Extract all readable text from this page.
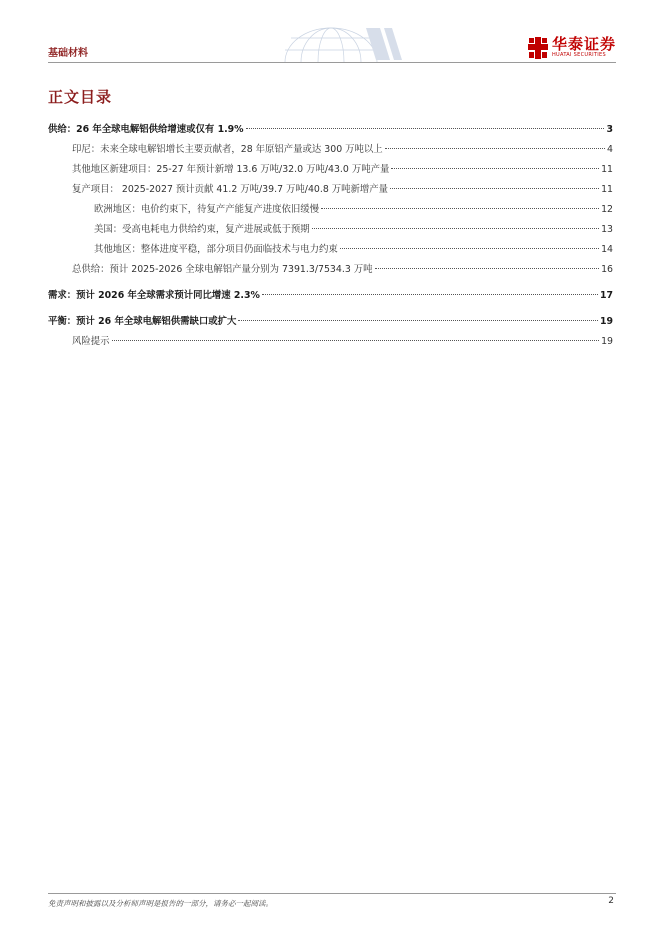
基础材料
华泰证券
HUATAI SECURITIES
正文目录
供给：26 年全球电解铝供给增速或仅有 1.9%	3
印尼：未来全球电解铝增长主要贡献者，28 年原铝产量或达 300 万吨以上	4
其他地区新建项目：25-27 年预计新增 13.6 万吨/32.0 万吨/43.0 万吨产量	11
复产项目： 2025-2027 预计贡献 41.2 万吨/39.7 万吨/40.8 万吨新增产量	11
欧洲地区：电价约束下，待复产产能复产进度依旧缓慢	12
美国：受高电耗电力供给约束，复产进展或低于预期	13
其他地区：整体进度平稳，部分项目仍面临技术与电力约束	14
总供给：预计 2025-2026 全球电解铝产量分别为 7391.3/7534.3 万吨	16
需求：预计 2026 年全球需求预计同比增速 2.3%	17
平衡：预计 26 年全球电解铝供需缺口或扩大	19
风险提示	19
免责声明和披露以及分析师声明是报告的一部分，请务必一起阅读。	2
